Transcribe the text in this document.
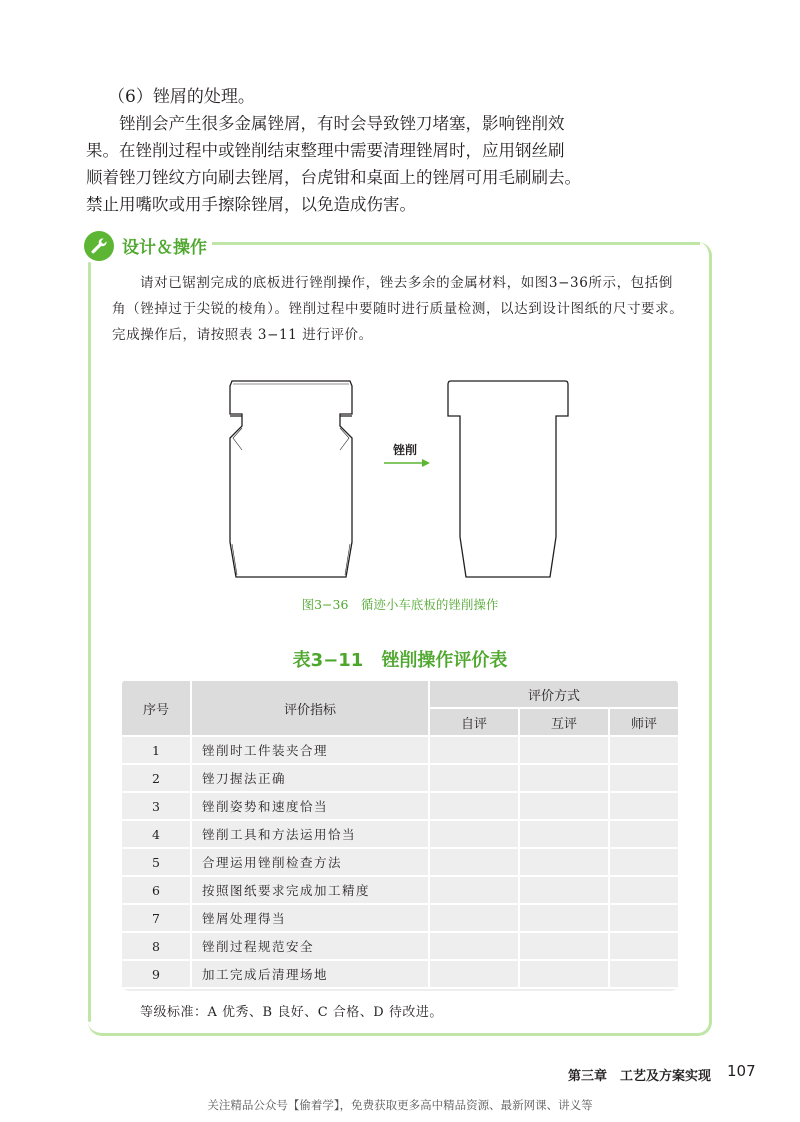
（6）锉屑的处理。
锉削会产生很多金属锉屑，有时会导致锉刀堵塞，影响锉削效
果。在锉削过程中或锉削结束整理中需要清理锉屑时，应用钢丝刷
顺着锉刀锉纹方向刷去锉屑，台虎钳和桌面上的锉屑可用毛刷刷去。
禁止用嘴吹或用手擦除锉屑，以免造成伤害。
设计＆操作
请对已锯割完成的底板进行锉削操作，锉去多余的金属材料，如图3−36所示，包括倒
角（锉掉过于尖锐的棱角）。锉削过程中要随时进行质量检测，以达到设计图纸的尺寸要求。
完成操作后，请按照表 3−11 进行评价。
锉削
图3−36　循迹小车底板的锉削操作
表3−11　锉削操作评价表
序号	评价指标	评价方式		
		自评	互评	师评
1	锉削时工件装夹合理			
2	锉刀握法正确			
3	锉削姿势和速度恰当			
4	锉削工具和方法运用恰当			
5	合理运用锉削检查方法			
6	按照图纸要求完成加工精度			
7	锉屑处理得当			
8	锉削过程规范安全			
9	加工完成后清理场地			
等级标准：A 优秀、B 良好、C 合格、D 待改进。
第三章　工艺及方案实现 107
关注精品公众号【偷着学】，免费获取更多高中精品资源、最新网课、讲义等
